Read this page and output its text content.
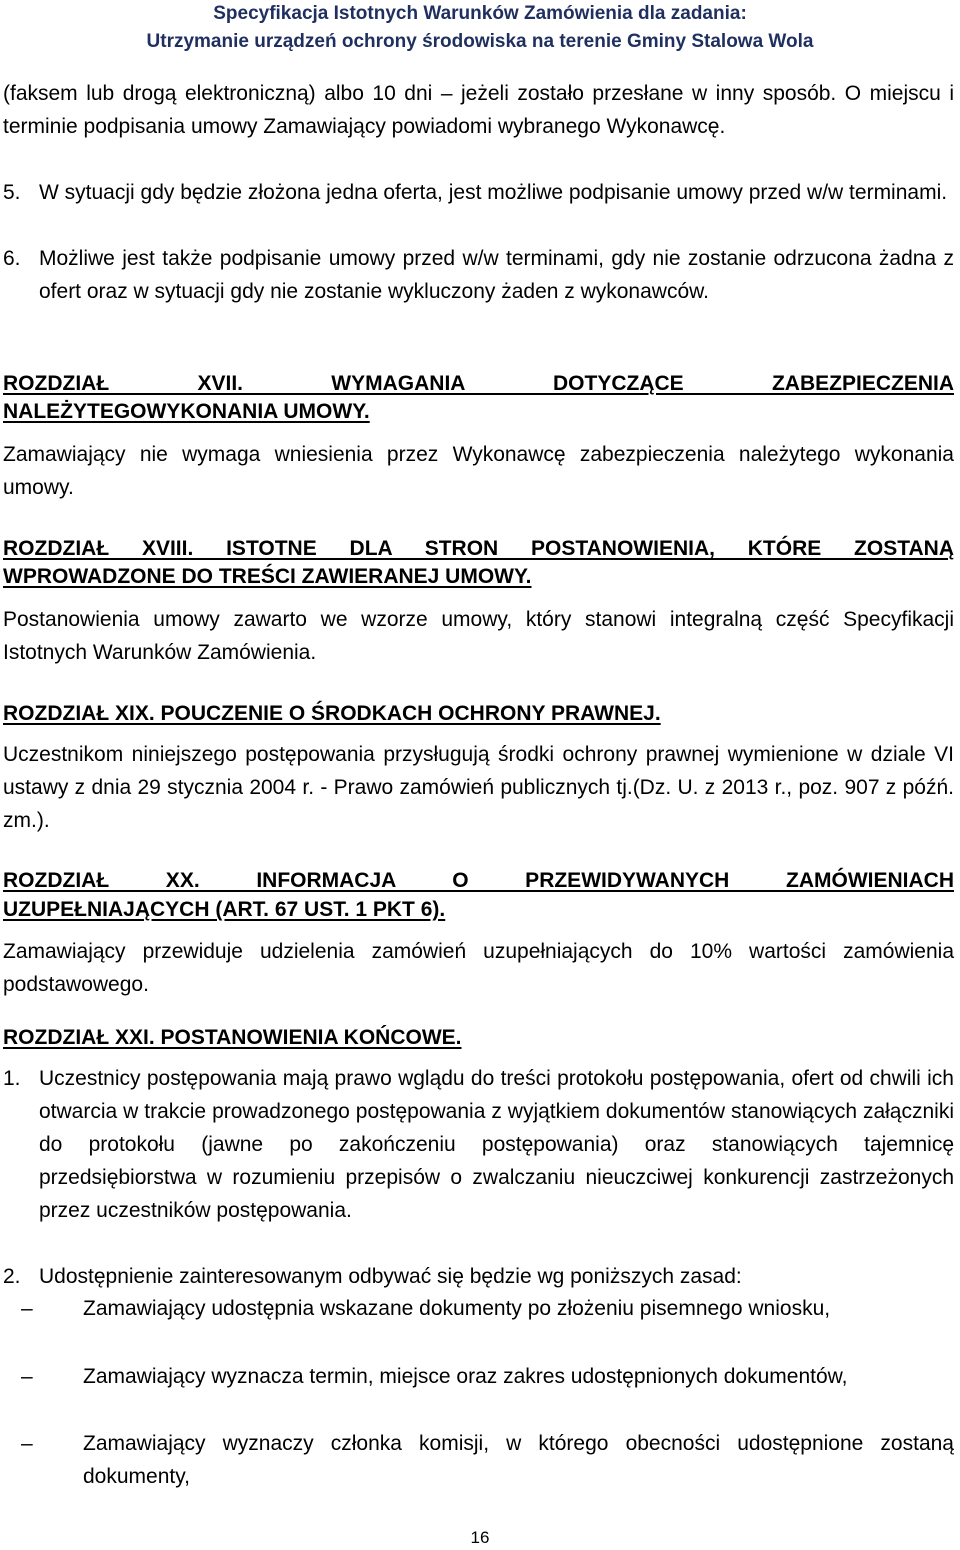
Specyfikacja Istotnych Warunków Zamówienia dla zadania:
Utrzymanie urządzeń ochrony środowiska na terenie Gminy Stalowa Wola
(faksem lub drogą elektroniczną) albo 10 dni – jeżeli zostało przesłane w inny sposób. O miejscu i terminie podpisania umowy Zamawiający powiadomi wybranego Wykonawcę.
5. W sytuacji gdy będzie złożona jedna oferta, jest możliwe podpisanie umowy przed w/w terminami.
6. Możliwe jest także podpisanie umowy przed w/w terminami, gdy nie zostanie odrzucona żadna z ofert oraz w sytuacji gdy nie zostanie wykluczony żaden z wykonawców.
ROZDZIAŁ XVII. WYMAGANIA DOTYCZĄCE ZABEZPIECZENIA
NALEŻYTEGOWYKONANIA UMOWY.
Zamawiający nie wymaga wniesienia przez Wykonawcę zabezpieczenia należytego wykonania umowy.
ROZDZIAŁ XVIII. ISTOTNE DLA STRON POSTANOWIENIA, KTÓRE ZOSTANĄ
WPROWADZONE DO TREŚCI ZAWIERANEJ UMOWY.
Postanowienia umowy zawarto we wzorze umowy, który stanowi integralną część Specyfikacji Istotnych Warunków Zamówienia.
ROZDZIAŁ XIX. POUCZENIE O ŚRODKACH OCHRONY PRAWNEJ.
Uczestnikom niniejszego postępowania przysługują środki ochrony prawnej wymienione w dziale VI ustawy z dnia 29 stycznia 2004 r. - Prawo zamówień publicznych tj.(Dz. U. z 2013 r., poz. 907 z późń. zm.).
ROZDZIAŁ XX. INFORMACJA O PRZEWIDYWANYCH ZAMÓWIENIACH
UZUPEŁNIAJĄCYCH (ART. 67 UST. 1 PKT 6).
Zamawiający przewiduje udzielenia zamówień uzupełniających do 10% wartości zamówienia podstawowego.
ROZDZIAŁ XXI. POSTANOWIENIA KOŃCOWE.
1. Uczestnicy postępowania mają prawo wglądu do treści protokołu postępowania, ofert od chwili ich otwarcia w trakcie prowadzonego postępowania z wyjątkiem dokumentów stanowiących załączniki do protokołu (jawne po zakończeniu postępowania) oraz stanowiących tajemnicę przedsiębiorstwa w rozumieniu przepisów o zwalczaniu nieuczciwej konkurencji zastrzeżonych przez uczestników postępowania.
2. Udostępnienie zainteresowanym odbywać się będzie wg poniższych zasad:
–	Zamawiający udostępnia wskazane dokumenty po złożeniu pisemnego wniosku,
–	Zamawiający wyznacza termin, miejsce oraz zakres udostępnionych dokumentów,
–	Zamawiający wyznaczy członka komisji, w którego obecności udostępnione zostaną dokumenty,
16
